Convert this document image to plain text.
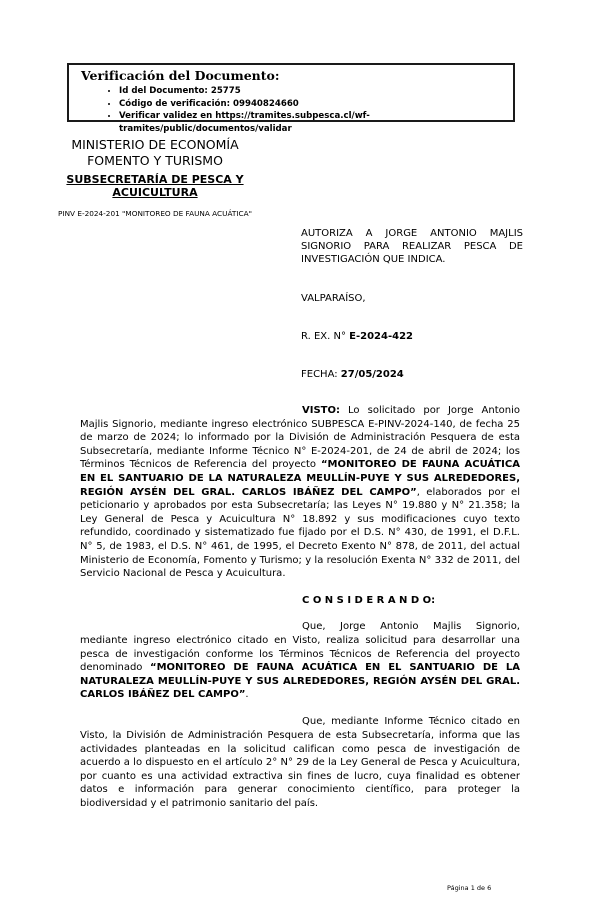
Verificación del Documento:
• Id del Documento: 25775
• Código de verificación: 09940824660
• Verificar validez en https://tramites.subpesca.cl/wf-tramites/public/documentos/validar
MINISTERIO DE ECONOMÍA
FOMENTO Y TURISMO
SUBSECRETARÍA DE PESCA Y ACUICULTURA
PINV E-2024-201 "MONITOREO DE FAUNA ACUÁTICA"
AUTORIZA A JORGE ANTONIO MAJLIS SIGNORIO PARA REALIZAR PESCA DE INVESTIGACIÓN QUE INDICA.
VALPARAÍSO,
R. EX. N° E-2024-422
FECHA: 27/05/2024

VISTO: Lo solicitado por Jorge Antonio Majlis Signorio, mediante ingreso electrónico SUBPESCA E-PINV-2024-140, de fecha 25 de marzo de 2024; lo informado por la División de Administración Pesquera de esta Subsecretaría, mediante Informe Técnico N° E-2024-201, de 24 de abril de 2024; los Términos Técnicos de Referencia del proyecto “MONITOREO DE FAUNA ACUÁTICA EN EL SANTUARIO DE LA NATURALEZA MEULLÍN-PUYE Y SUS ALREDEDORES, REGIÓN AYSÉN DEL GRAL. CARLOS IBÁÑEZ DEL CAMPO”, elaborados por el peticionario y aprobados por esta Subsecretaría; las Leyes N° 19.880 y N° 21.358; la Ley General de Pesca y Acuicultura N° 18.892 y sus modificaciones cuyo texto refundido, coordinado y sistematizado fue fijado por el D.S. N° 430, de 1991, el D.F.L. N° 5, de 1983, el D.S. N° 461, de 1995, el Decreto Exento N° 878, de 2011, del actual Ministerio de Economía, Fomento y Turismo; y la resolución Exenta N° 332 de 2011, del Servicio Nacional de Pesca y Acuicultura.

C O N S I D E R A N D O:

Que, Jorge Antonio Majlis Signorio, mediante ingreso electrónico citado en Visto, realiza solicitud para desarrollar una pesca de investigación conforme los Términos Técnicos de Referencia del proyecto denominado “MONITOREO DE FAUNA ACUÁTICA EN EL SANTUARIO DE LA NATURALEZA MEULLÍN-PUYE Y SUS ALREDEDORES, REGIÓN AYSÉN DEL GRAL. CARLOS IBÁÑEZ DEL CAMPO”.

Que, mediante Informe Técnico citado en Visto, la División de Administración Pesquera de esta Subsecretaría, informa que las actividades planteadas en la solicitud califican como pesca de investigación de acuerdo a lo dispuesto en el artículo 2° N° 29 de la Ley General de Pesca y Acuicultura, por cuanto es una actividad extractiva sin fines de lucro, cuya finalidad es obtener datos e información para generar conocimiento científico, para proteger la biodiversidad y el patrimonio sanitario del país.

Página 1 de 6
